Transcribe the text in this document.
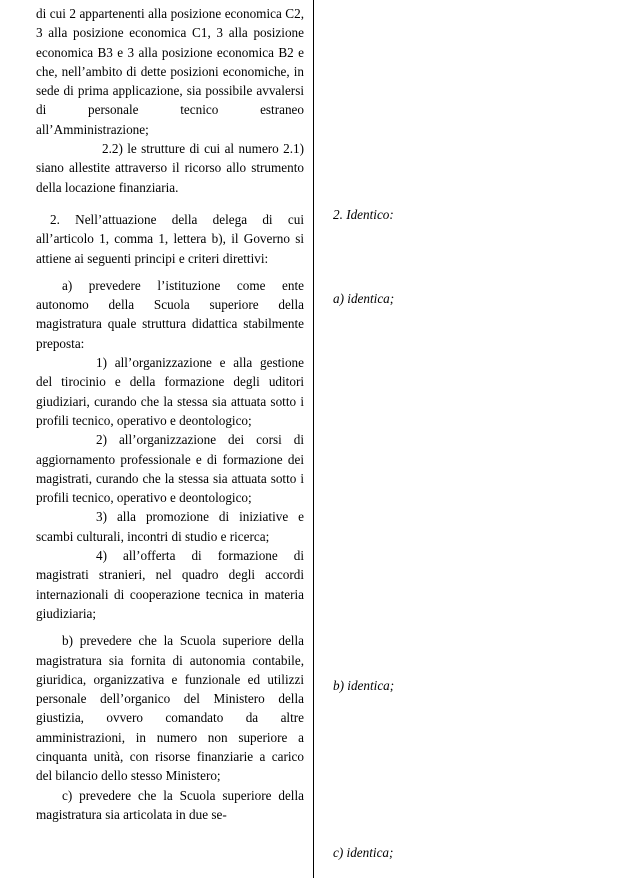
di cui 2 appartenenti alla posizione economica C2, 3 alla posizione economica C1, 3 alla posizione economica B3 e 3 alla posizione economica B2 e che, nell’ambito di dette posizioni economiche, in sede di prima applicazione, sia possibile avvalersi di personale tecnico estraneo all’Amministrazione;

2.2) le strutture di cui al numero 2.1) siano allestite attraverso il ricorso allo strumento della locazione finanziaria.

2. Nell’attuazione della delega di cui all’articolo 1, comma 1, lettera b), il Governo si attiene ai seguenti principi e criteri direttivi:

a) prevedere l’istituzione come ente autonomo della Scuola superiore della magistratura quale struttura didattica stabilmente preposta:

1) all’organizzazione e alla gestione del tirocinio e della formazione degli uditori giudiziari, curando che la stessa sia attuata sotto i profili tecnico, operativo e deontologico;

2) all’organizzazione dei corsi di aggiornamento professionale e di formazione dei magistrati, curando che la stessa sia attuata sotto i profili tecnico, operativo e deontologico;

3) alla promozione di iniziative e scambi culturali, incontri di studio e ricerca;

4) all’offerta di formazione di magistrati stranieri, nel quadro degli accordi internazionali di cooperazione tecnica in materia giudiziaria;

b) prevedere che la Scuola superiore della magistratura sia fornita di autonomia contabile, giuridica, organizzativa e funzionale ed utilizzi personale dell’organico del Ministero della giustizia, ovvero comandato da altre amministrazioni, in numero non superiore a cinquanta unità, con risorse finanziarie a carico del bilancio dello stesso Ministero;

c) prevedere che la Scuola superiore della magistratura sia articolata in due se-

2. Identico:
a) identica;
b) identica;
c) identica;
